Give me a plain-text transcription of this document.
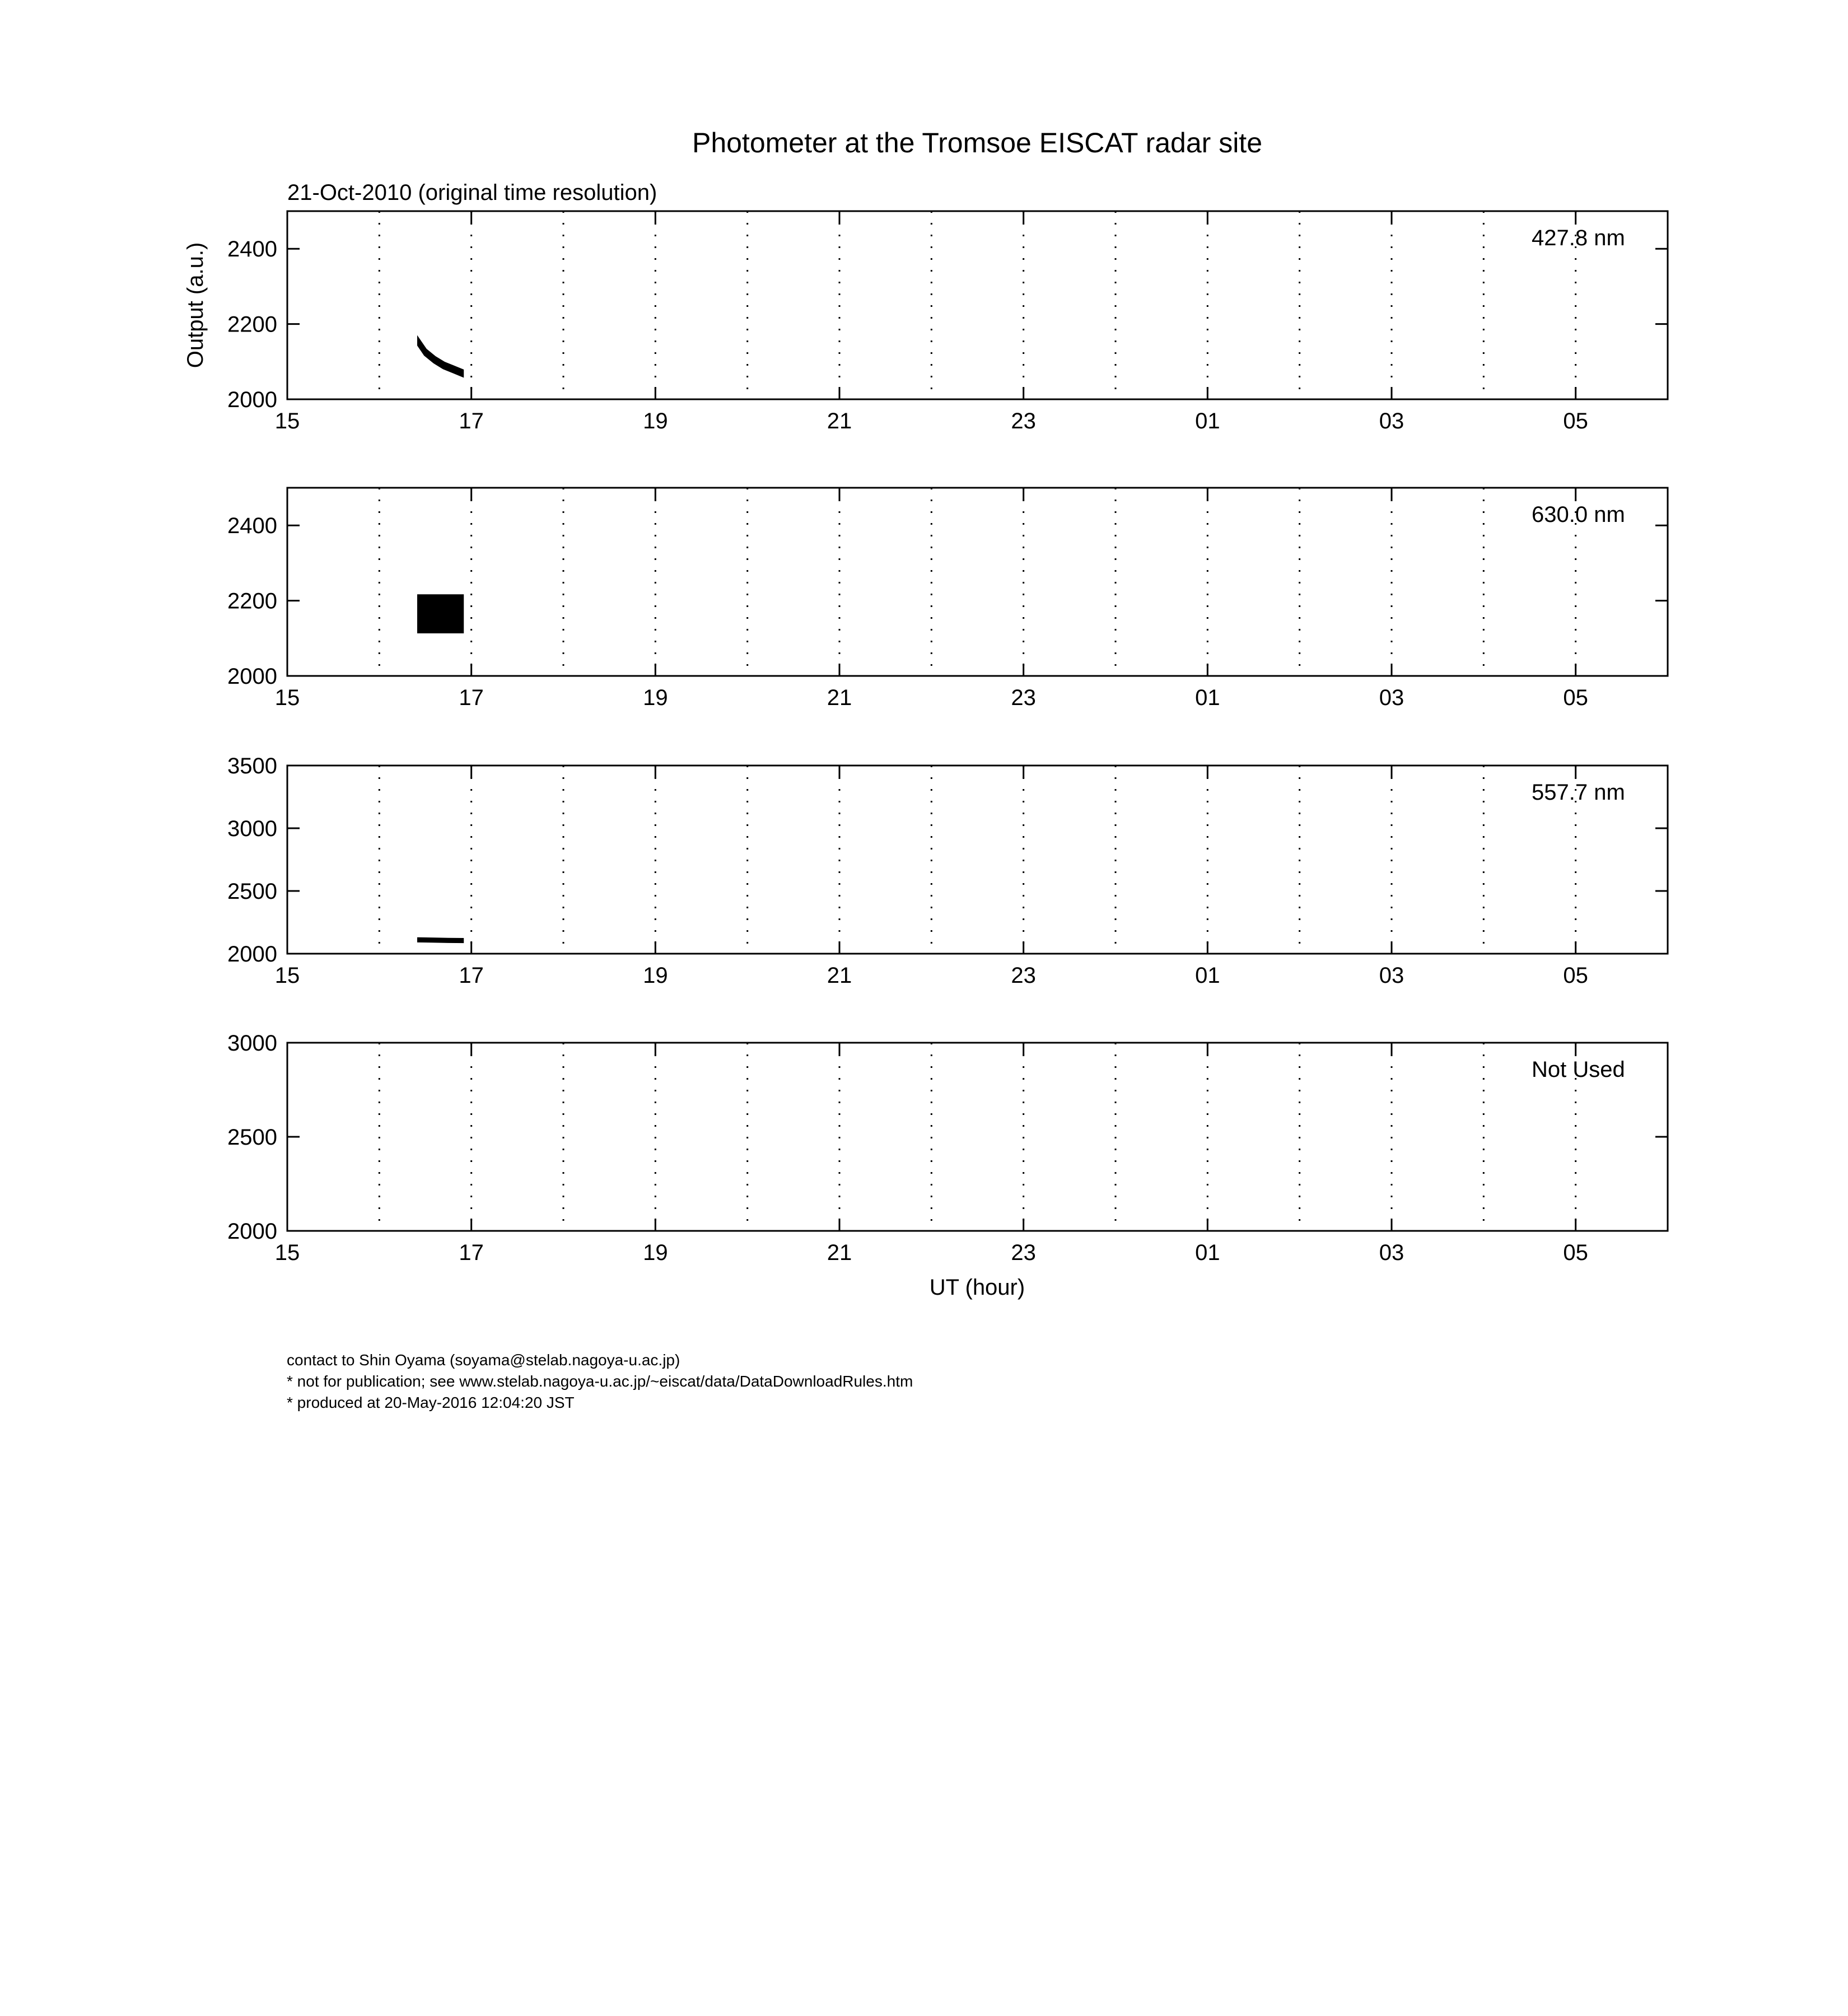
Photometer at the Tromsoe EISCAT radar site
21-Oct-2010 (original time resolution)
Output (a.u.)
UT (hour)
15	17	19	21	23	01	03	05
2000
2200
2400	427.8 nm
15	17	19	21	23	01	03	05
2000
2200
2400	630.0 nm
15	17	19	21	23	01	03	05
2000
2500
3000
3500
557.7 nm
15	17	19	21	23	01	03	05
2000
2500
3000
Not Used
contact to Shin Oyama (soyama@stelab.nagoya-u.ac.jp)
* not for publication; see www.stelab.nagoya-u.ac.jp/~eiscat/data/DataDownloadRules.htm
* produced at 20-May-2016 12:04:20 JST
